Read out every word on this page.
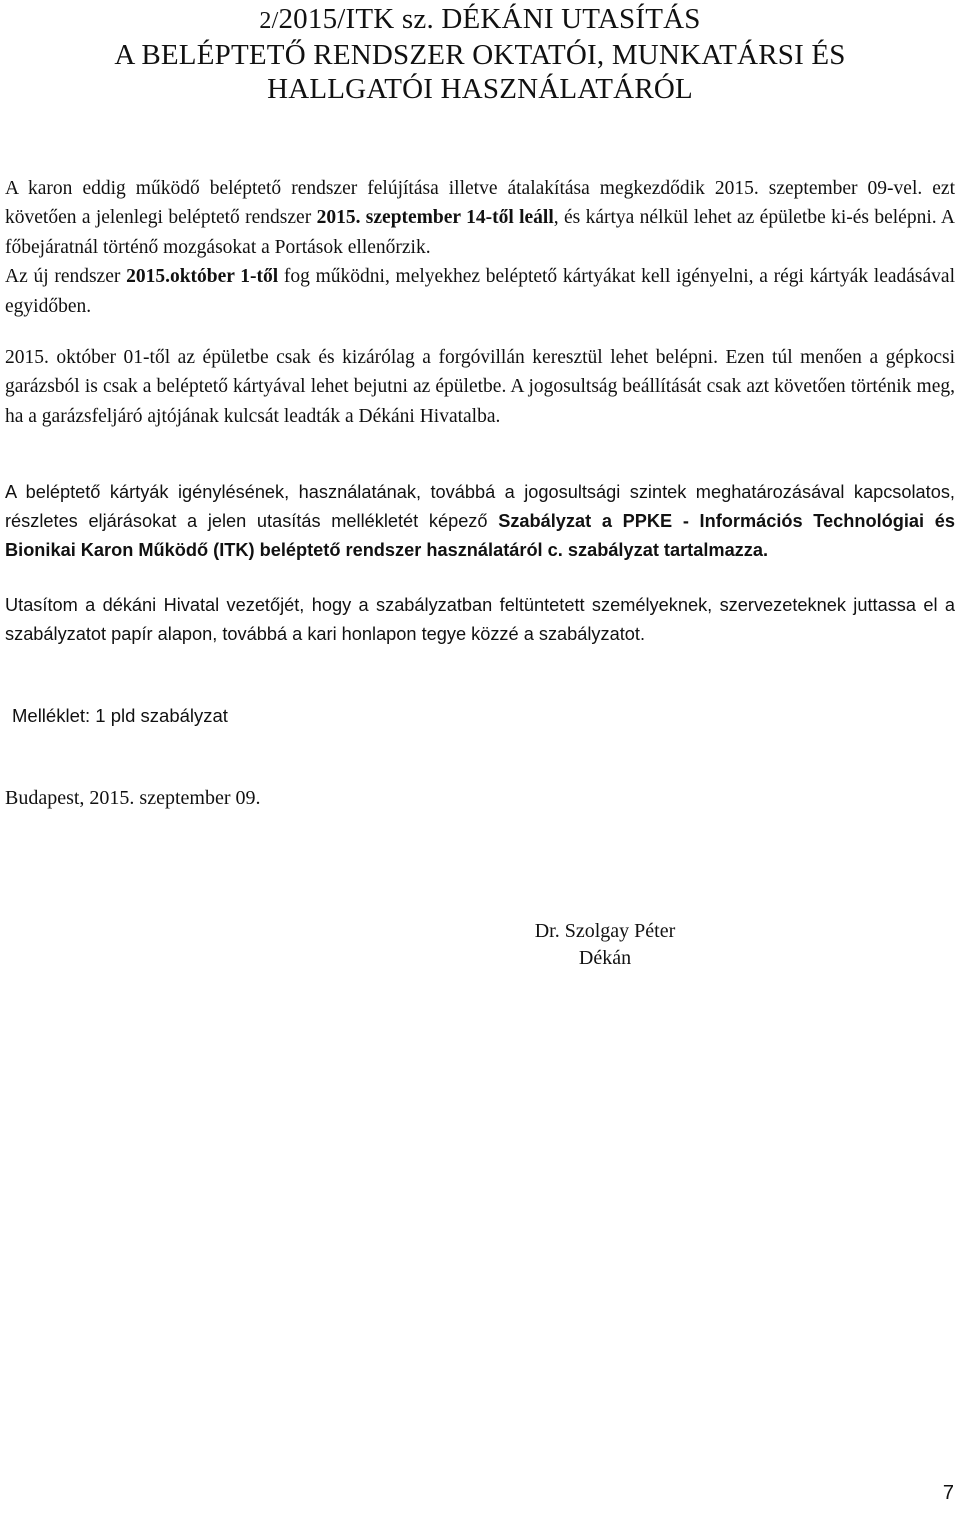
2/2015/ITK sz. DÉKÁNI UTASÍTÁS
A BELÉPTETŐ RENDSZER OKTATÓI, MUNKATÁRSI ÉS
HALLGATÓI HASZNÁLATÁRÓL

A karon eddig működő beléptető rendszer felújítása illetve átalakítása megkezdődik 2015. szeptember 09-vel. ezt követően a jelenlegi beléptető rendszer 2015. szeptember 14-től leáll, és kártya nélkül lehet az épületbe ki-és belépni. A főbejáratnál történő mozgásokat a Portások ellenőrzik.
Az új rendszer 2015.október 1-től fog működni, melyekhez beléptető kártyákat kell igényelni, a régi kártyák leadásával egyidőben.

2015. október 01-től az épületbe csak és kizárólag a forgóvillán keresztül lehet belépni. Ezen túl menően a gépkocsi garázsból is csak a beléptető kártyával lehet bejutni az épületbe. A jogosultság beállítását csak azt követően történik meg, ha a garázsfeljáró ajtójának kulcsát leadták a Dékáni Hivatalba.

A beléptető kártyák igénylésének, használatának, továbbá a jogosultsági szintek meghatározásával kapcsolatos, részletes eljárásokat a jelen utasítás mellékletét képező Szabályzat a PPKE - Információs Technológiai és Bionikai Karon Működő (ITK) beléptető rendszer használatáról c. szabályzat tartalmazza.

Utasítom a dékáni Hivatal vezetőjét, hogy a szabályzatban feltüntetett személyeknek, szervezeteknek juttassa el a szabályzatot papír alapon, továbbá a kari honlapon tegye közzé a szabályzatot.

Melléklet: 1 pld szabályzat
Budapest, 2015. szeptember 09.
Dr. Szolgay Péter
Dékán
7
